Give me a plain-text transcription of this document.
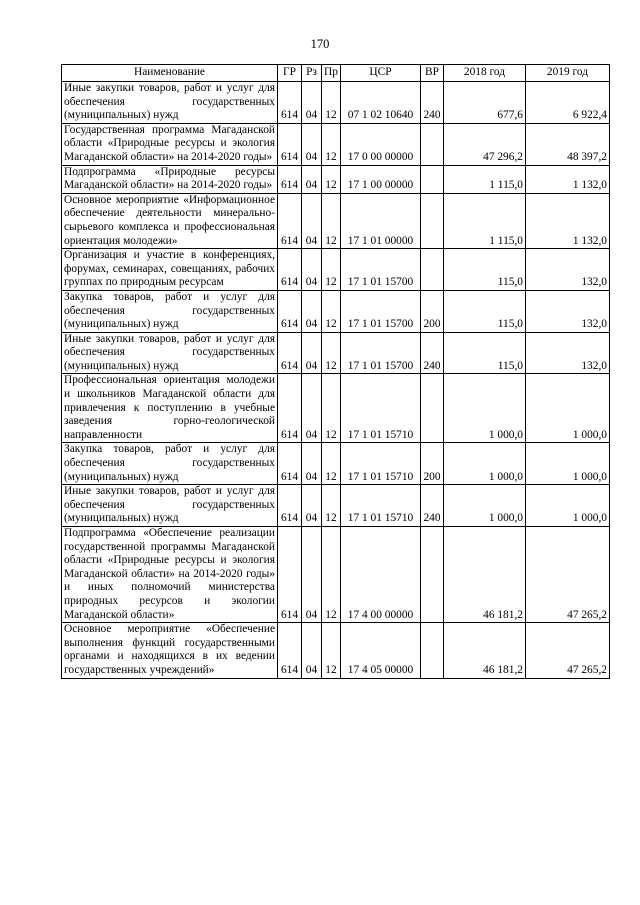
170
Наименование	ГР	Рз	Пр	ЦСР	ВР	2018 год	2019 год
Иные закупки товаров, работ и услуг для обеспечения государственных (муниципальных) нужд	614	04	12	07 1 02 10640	240	677,6	6 922,4
Государственная программа Магаданской области «Природные ресурсы и экология Магаданской области» на 2014-2020 годы»	614	04	12	17 0 00 00000		47 296,2	48 397,2
Подпрограмма «Природные ресурсы Магаданской области» на 2014-2020 годы»	614	04	12	17 1 00 00000		1 115,0	1 132,0
Основное мероприятие «Информационное обеспечение деятельности минерально-сырьевого комплекса и профессиональная ориентация молодежи»	614	04	12	17 1 01 00000		1 115,0	1 132,0
Организация и участие в конференциях, форумах, семинарах, совещаниях, рабочих группах по природным ресурсам	614	04	12	17 1 01 15700		115,0	132,0
Закупка товаров, работ и услуг для обеспечения государственных (муниципальных) нужд	614	04	12	17 1 01 15700	200	115,0	132,0
Иные закупки товаров, работ и услуг для обеспечения государственных (муниципальных) нужд	614	04	12	17 1 01 15700	240	115,0	132,0
Профессиональная ориентация молодежи и школьников Магаданской области для привлечения к поступлению в учебные заведения горно-геологической направленности	614	04	12	17 1 01 15710		1 000,0	1 000,0
Закупка товаров, работ и услуг для обеспечения государственных (муниципальных) нужд	614	04	12	17 1 01 15710	200	1 000,0	1 000,0
Иные закупки товаров, работ и услуг для обеспечения государственных (муниципальных) нужд	614	04	12	17 1 01 15710	240	1 000,0	1 000,0
Подпрограмма «Обеспечение реализации государственной программы Магаданской области «Природные ресурсы и экология Магаданской области» на 2014-2020 годы» и иных полномочий министерства природных ресурсов и экологии Магаданской области»	614	04	12	17 4 00 00000		46 181,2	47 265,2
Основное мероприятие «Обеспечение выполнения функций государственными органами и находящихся в их ведении государственных учреждений»	614	04	12	17 4 05 00000		46 181,2	47 265,2
